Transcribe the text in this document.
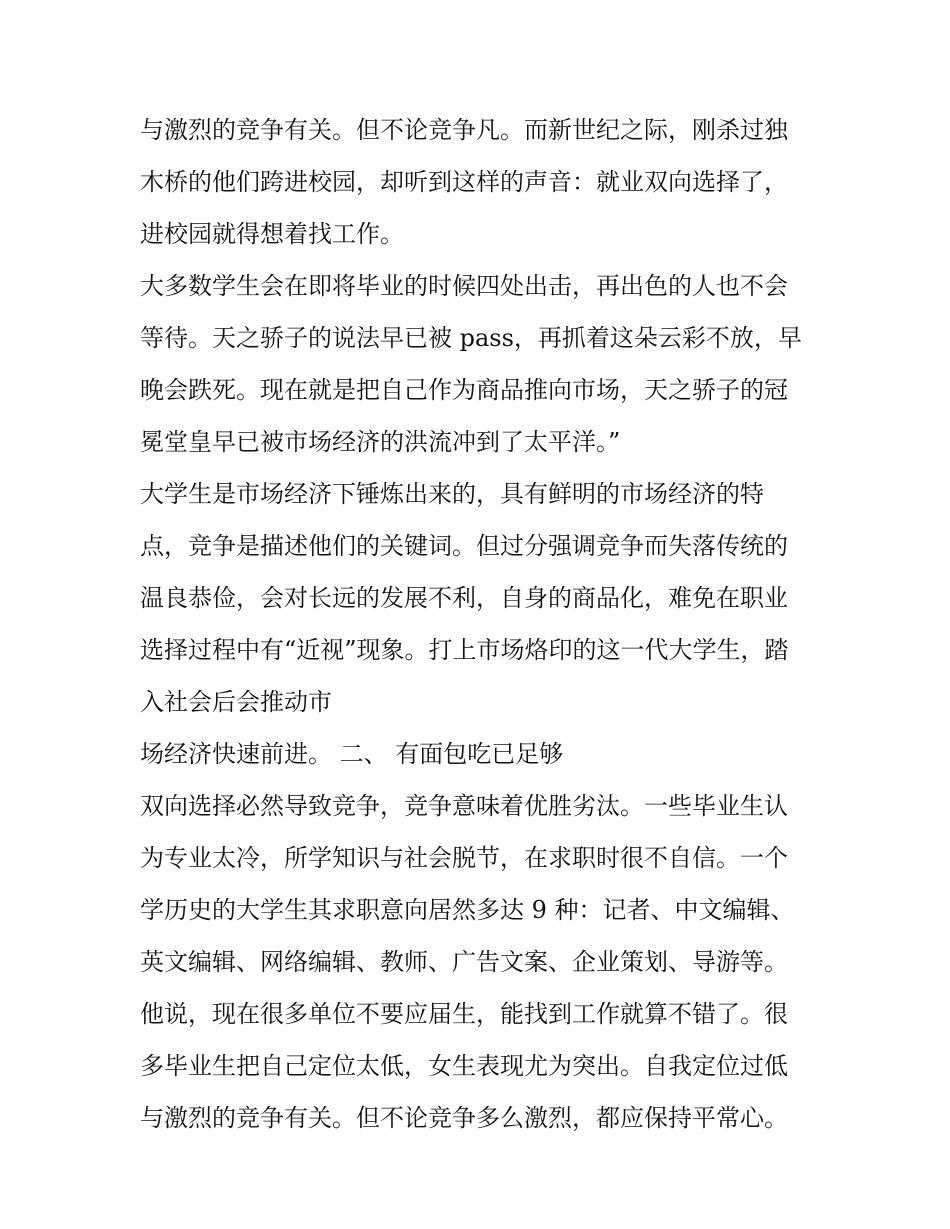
与激烈的竞争有关。但不论竞争凡。而新世纪之际，刚杀过独
木桥的他们跨进校园，却听到这样的声音：就业双向选择了，
进校园就得想着找工作。
大多数学生会在即将毕业的时候四处出击，再出色的人也不会
等待。天之骄子的说法早已被 pass，再抓着这朵云彩不放，早
晚会跌死。现在就是把自己作为商品推向市场，天之骄子的冠
冕堂皇早已被市场经济的洪流冲到了太平洋。”
大学生是市场经济下锤炼出来的，具有鲜明的市场经济的特
点，竞争是描述他们的关键词。但过分强调竞争而失落传统的
温良恭俭，会对长远的发展不利，自身的商品化，难免在职业
选择过程中有“近视”现象。打上市场烙印的这一代大学生，踏
入社会后会推动市
场经济快速前进。 二、 有面包吃已足够
双向选择必然导致竞争，竞争意味着优胜劣汰。一些毕业生认
为专业太冷，所学知识与社会脱节，在求职时很不自信。一个
学历史的大学生其求职意向居然多达 9 种：记者、中文编辑、
英文编辑、网络编辑、教师、广告文案、企业策划、导游等。
他说，现在很多单位不要应届生，能找到工作就算不错了。很
多毕业生把自己定位太低，女生表现尤为突出。自我定位过低
与激烈的竞争有关。但不论竞争多么激烈，都应保持平常心。
